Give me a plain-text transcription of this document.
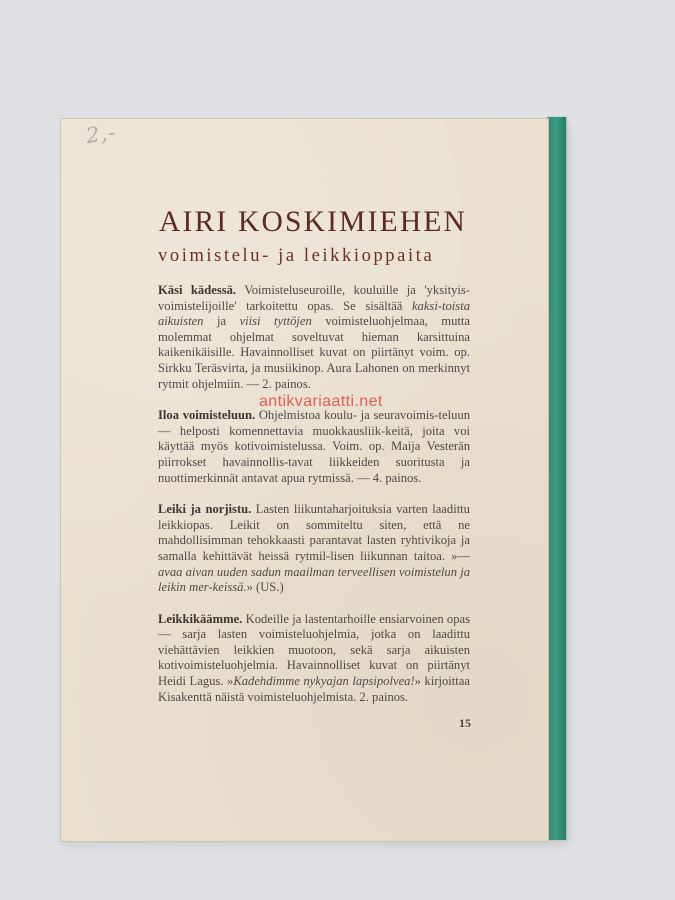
2,-
AIRI KOSKIMIEHEN
voimistelu- ja leikkioppaita

Käsi kädessä. Voimisteluseuroille, kouluille ja 'yksityis-voimistelijoille' tarkoitettu opas. Se sisältää kaksi-toista aikuisten ja viisi tyttöjen voimisteluohjelmaa, mutta molemmat ohjelmat soveltuvat hieman karsittuina kaikenikäisille. Havainnolliset kuvat on piirtänyt voim. op. Sirkku Teräsvirta, ja musiikinop. Aura Lahonen on merkinnyt rytmit ohjelmiin. — 2. painos.

Iloa voimisteluun. Ohjelmistoa koulu- ja seuravoimis-teluun — helposti komennettavia muokkausliik-keitä, joita voi käyttää myös kotivoimistelussa. Voim. op. Maija Vesterän piirrokset havainnollis-tavat liikkeiden suoritusta ja nuottimerkinnät antavat apua rytmissä. — 4. painos.

Leiki ja norjistu. Lasten liikuntaharjoituksia varten laadittu leikkiopas. Leikit on sommiteltu siten, että ne mahdollisimman tehokkaasti parantavat lasten ryhtivikoja ja samalla kehittävät heissä rytmil-lisen liikunnan taitoa. »— avaa aivan uuden sadun maailman terveellisen voimistelun ja leikin mer-keissä.» (US.)

Leikkikäämme. Kodeille ja lastentarhoille ensiarvoinen opas — sarja lasten voimisteluohjelmia, jotka on laadittu viehättävien leikkien muotoon, sekä sarja aikuisten kotivoimisteluohjelmia. Havainnolliset kuvat on piirtänyt Heidi Lagus. »Kadehdimme nykyajan lapsipolvea!» kirjoittaa Kisakenttä näistä voimisteluohjelmista. 2. painos.

15
antikvariaatti.net
